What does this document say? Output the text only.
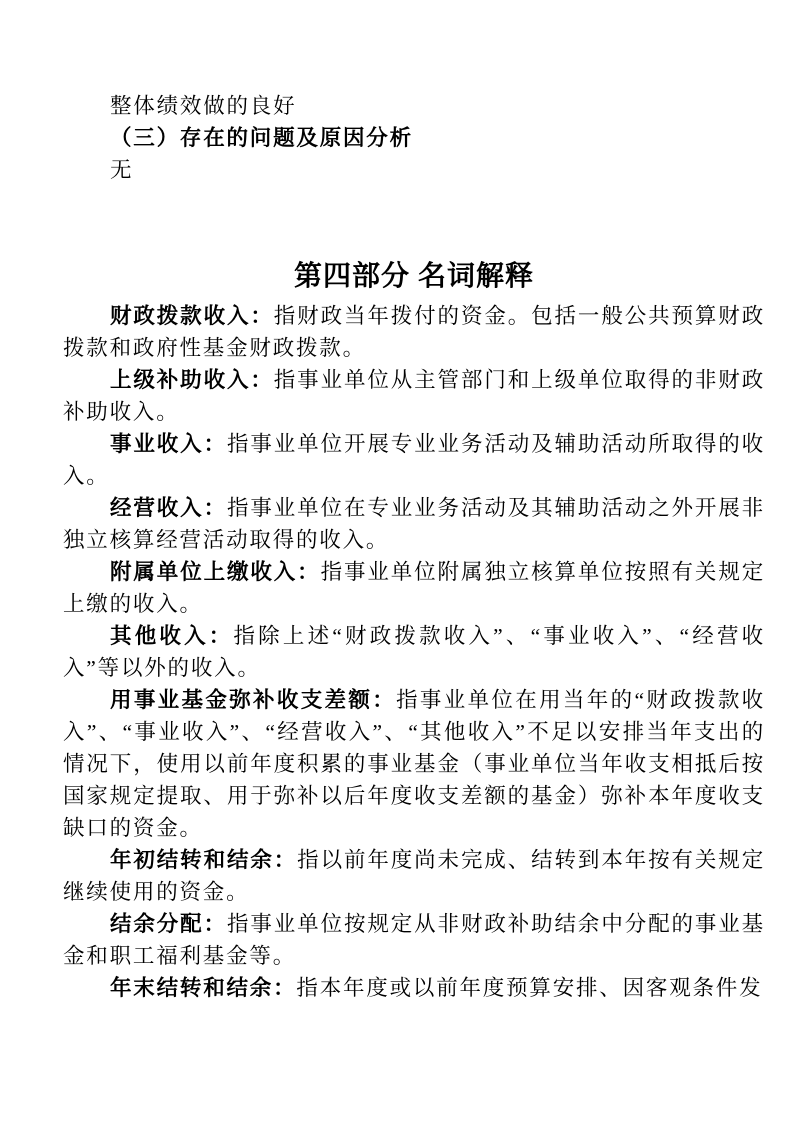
整体绩效做的良好

（三）存在的问题及原因分析

无

第四部分 名词解释

财政拨款收入：指财政当年拨付的资金。包括一般公共预算财政拨款和政府性基金财政拨款。

上级补助收入：指事业单位从主管部门和上级单位取得的非财政补助收入。

事业收入：指事业单位开展专业业务活动及辅助活动所取得的收入。

经营收入：指事业单位在专业业务活动及其辅助活动之外开展非独立核算经营活动取得的收入。

附属单位上缴收入：指事业单位附属独立核算单位按照有关规定上缴的收入。

其他收入：指除上述“财政拨款收入”、“事业收入”、“经营收入”等以外的收入。

用事业基金弥补收支差额：指事业单位在用当年的“财政拨款收入”、“事业收入”、“经营收入”、“其他收入”不足以安排当年支出的情况下，使用以前年度积累的事业基金（事业单位当年收支相抵后按国家规定提取、用于弥补以后年度收支差额的基金）弥补本年度收支缺口的资金。

年初结转和结余：指以前年度尚未完成、结转到本年按有关规定继续使用的资金。

结余分配：指事业单位按规定从非财政补助结余中分配的事业基金和职工福利基金等。

年末结转和结余：指本年度或以前年度预算安排、因客观条件发
